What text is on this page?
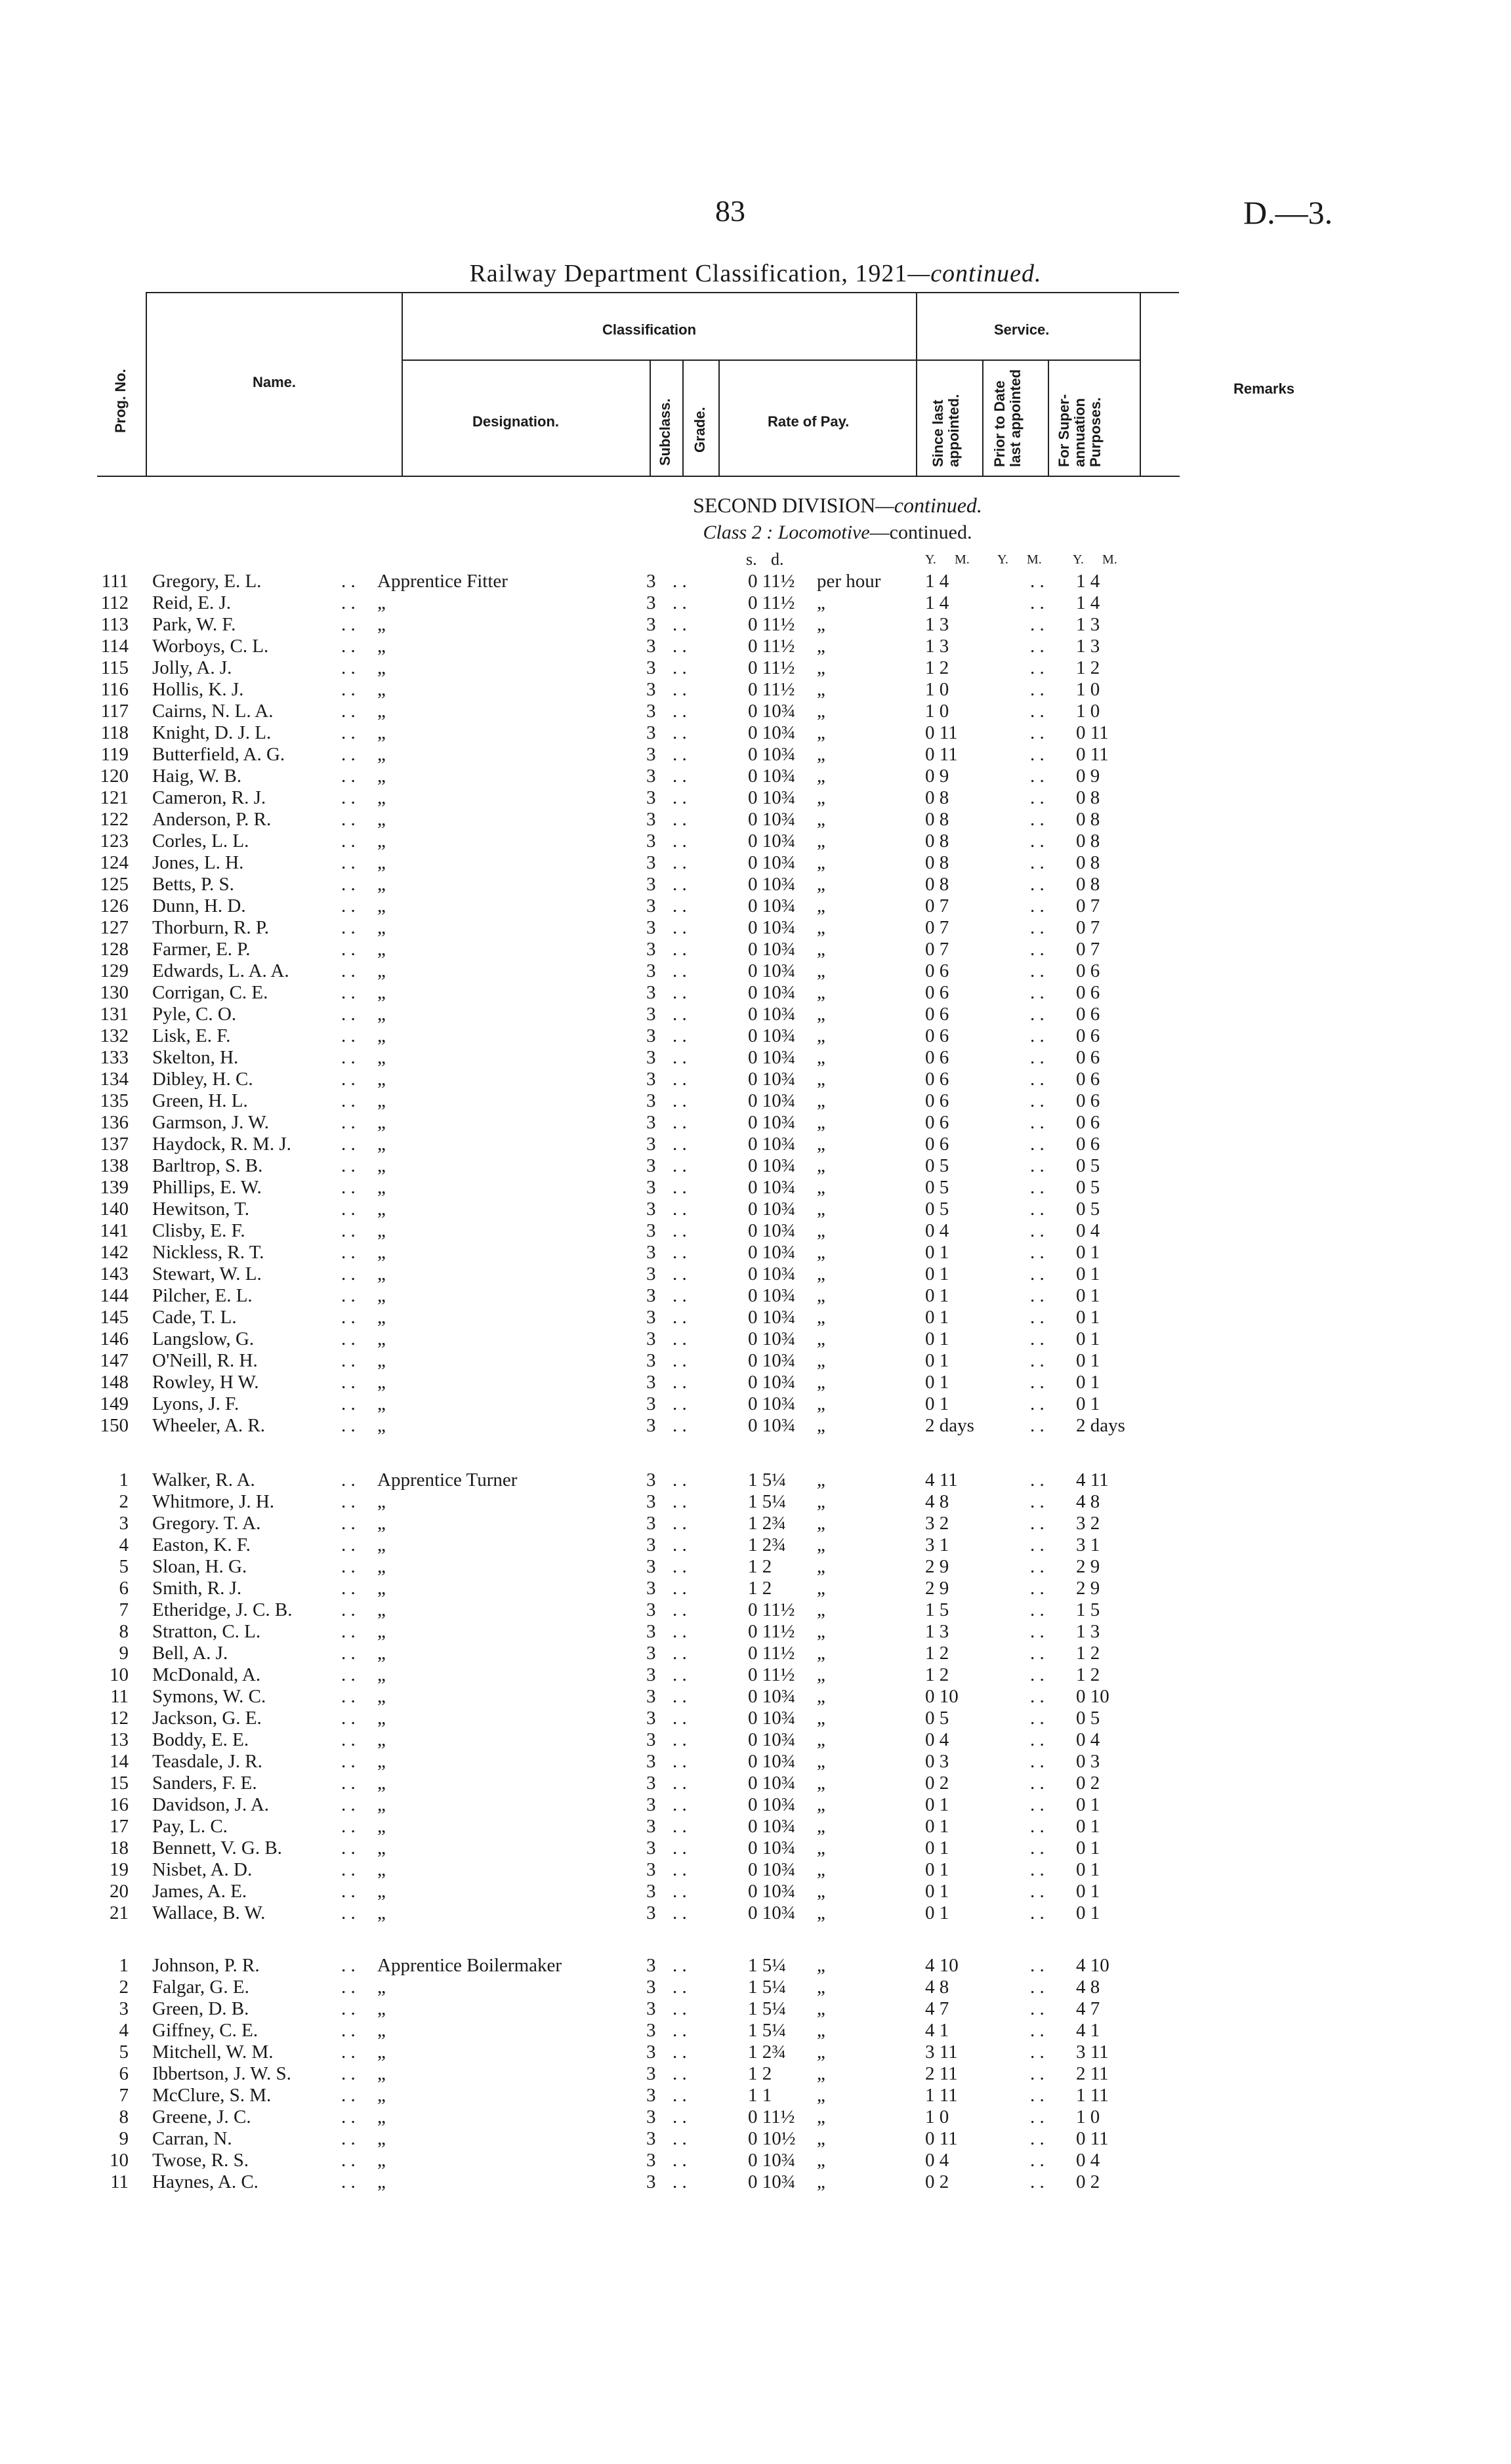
83	D.—3.
Railway Department Classification, 1921—continued.
Prog. No.	Name.
Classification	Service.
Remarks
Designation.	Subclass. Grade.	Rate of Pay.	Since last appointed. Prior to Date last appointed For Super-annuation Purposes.
SECOND DIVISION—continued.
Class 2 : Locomotive—continued.
s. d.	Y. M. Y. M. Y. M.
111 Gregory, E. L.	. . Apprentice Fitter	3 . .	0 11½ per hour 1 4	. . 1 4
112 Reid, E. J.	. . „	3 . .	0 11½ „	1 4	. . 1 4
113 Park, W. F.	. . „	3 . .	0 11½ „	1 3	. . 1 3
114 Worboys, C. L.	. . „	3 . .	0 11½ „	1 3	. . 1 3
115 Jolly, A. J.	. . „	3 . .	0 11½ „	1 2	. . 1 2
116 Hollis, K. J.	. . „	3 . .	0 11½ „	1 0	. . 1 0
117 Cairns, N. L. A.	. . „	3 . .	0 10¾ „	1 0	. . 1 0
118 Knight, D. J. L.	. . „	3 . .	0 10¾ „	0 11	. . 0 11
119 Butterfield, A. G.	. . „	3 . .	0 10¾ „	0 11	. . 0 11
120 Haig, W. B.	. . „	3 . .	0 10¾ „	0 9	. . 0 9
121 Cameron, R. J.	. . „	3 . .	0 10¾ „	0 8	. . 0 8
122 Anderson, P. R.	. . „	3 . .	0 10¾ „	0 8	. . 0 8
123 Corles, L. L.	. . „	3 . .	0 10¾ „	0 8	. . 0 8
124 Jones, L. H.	. . „	3 . .	0 10¾ „	0 8	. . 0 8
125 Betts, P. S.	. . „	3 . .	0 10¾ „	0 8	. . 0 8
126 Dunn, H. D.	. . „	3 . .	0 10¾ „	0 7	. . 0 7
127 Thorburn, R. P.	. . „	3 . .	0 10¾ „	0 7	. . 0 7
128 Farmer, E. P.	. . „	3 . .	0 10¾ „	0 7	. . 0 7
129 Edwards, L. A. A.	. . „	3 . .	0 10¾ „	0 6	. . 0 6
130 Corrigan, C. E.	. . „	3 . .	0 10¾ „	0 6	. . 0 6
131 Pyle, C. O.	. . „	3 . .	0 10¾ „	0 6	. . 0 6
132 Lisk, E. F.	. . „	3 . .	0 10¾ „	0 6	. . 0 6
133 Skelton, H.	. . „	3 . .	0 10¾ „	0 6	. . 0 6
134 Dibley, H. C.	. . „	3 . .	0 10¾ „	0 6	. . 0 6
135 Green, H. L.	. . „	3 . .	0 10¾ „	0 6	. . 0 6
136 Garmson, J. W.	. . „	3 . .	0 10¾ „	0 6	. . 0 6
137 Haydock, R. M. J.	. . „	3 . .	0 10¾ „	0 6	. . 0 6
138 Barltrop, S. B.	. . „	3 . .	0 10¾ „	0 5	. . 0 5
139 Phillips, E. W.	. . „	3 . .	0 10¾ „	0 5	. . 0 5
140 Hewitson, T.	. . „	3 . .	0 10¾ „	0 5	. . 0 5
141 Clisby, E. F.	. . „	3 . .	0 10¾ „	0 4	. . 0 4
142 Nickless, R. T.	. . „	3 . .	0 10¾ „	0 1	. . 0 1
143 Stewart, W. L.	. . „	3 . .	0 10¾ „	0 1	. . 0 1
144 Pilcher, E. L.	. . „	3 . .	0 10¾ „	0 1	. . 0 1
145 Cade, T. L.	. . „	3 . .	0 10¾ „	0 1	. . 0 1
146 Langslow, G.	. . „	3 . .	0 10¾ „	0 1	. . 0 1
147 O'Neill, R. H.	. . „	3 . .	0 10¾ „	0 1	. . 0 1
148 Rowley, H W.	. . „	3 . .	0 10¾ „	0 1	. . 0 1
149 Lyons, J. F.	. . „	3 . .	0 10¾ „	0 1	. . 0 1
150 Wheeler, A. R.	. . „	3 . .	0 10¾ „	2 days	. . 2 days
1 Walker, R. A.	. . Apprentice Turner	3 . .	1 5¼ „	4 11	. . 4 11
2 Whitmore, J. H.	. . „	3 . .	1 5¼ „	4 8	. . 4 8
3 Gregory. T. A.	. . „	3 . .	1 2¾ „	3 2	. . 3 2
4 Easton, K. F.	. . „	3 . .	1 2¾ „	3 1	. . 3 1
5 Sloan, H. G.	. . „	3 . .	1 2 „	2 9	. . 2 9
6 Smith, R. J.	. . „	3 . .	1 2 „	2 9	. . 2 9
7 Etheridge, J. C. B.	. . „	3 . .	0 11½ „	1 5	. . 1 5
8 Stratton, C. L.	. . „	3 . .	0 11½ „	1 3	. . 1 3
9 Bell, A. J.	. . „	3 . .	0 11½ „	1 2	. . 1 2
10 McDonald, A.	. . „	3 . .	0 11½ „	1 2	. . 1 2
11 Symons, W. C.	. . „	3 . .	0 10¾ „	0 10	. . 0 10
12 Jackson, G. E.	. . „	3 . .	0 10¾ „	0 5	. . 0 5
13 Boddy, E. E.	. . „	3 . .	0 10¾ „	0 4	. . 0 4
14 Teasdale, J. R.	. . „	3 . .	0 10¾ „	0 3	. . 0 3
15 Sanders, F. E.	. . „	3 . .	0 10¾ „	0 2	. . 0 2
16 Davidson, J. A.	. . „	3 . .	0 10¾ „	0 1	. . 0 1
17 Pay, L. C.	. . „	3 . .	0 10¾ „	0 1	. . 0 1
18 Bennett, V. G. B.	. . „	3 . .	0 10¾ „	0 1	. . 0 1
19 Nisbet, A. D.	. . „	3 . .	0 10¾ „	0 1	. . 0 1
20 James, A. E.	. . „	3 . .	0 10¾ „	0 1	. . 0 1
21 Wallace, B. W.	. . „	3 . .	0 10¾ „	0 1	. . 0 1
1 Johnson, P. R.	. . Apprentice Boilermaker	3 . .	1 5¼ „	4 10	. . 4 10
2 Falgar, G. E.	. . „	3 . .	1 5¼ „	4 8	. . 4 8
3 Green, D. B.	. . „	3 . .	1 5¼ „	4 7	. . 4 7
4 Giffney, C. E.	. . „	3 . .	1 5¼ „	4 1	. . 4 1
5 Mitchell, W. M.	. . „	3 . .	1 2¾ „	3 11	. . 3 11
6 Ibbertson, J. W. S.	. . „	3 . .	1 2 „	2 11	. . 2 11
7 McClure, S. M.	. . „	3 . .	1 1 „	1 11	. . 1 11
8 Greene, J. C.	. . „	3 . .	0 11½ „	1 0	. . 1 0
9 Carran, N.	. . „	3 . .	0 10½ „	0 11	. . 0 11
10 Twose, R. S.	. . „	3 . .	0 10¾ „	0 4	. . 0 4
11 Haynes, A. C.	. . „	3 . .	0 10¾ „	0 2	. . 0 2
